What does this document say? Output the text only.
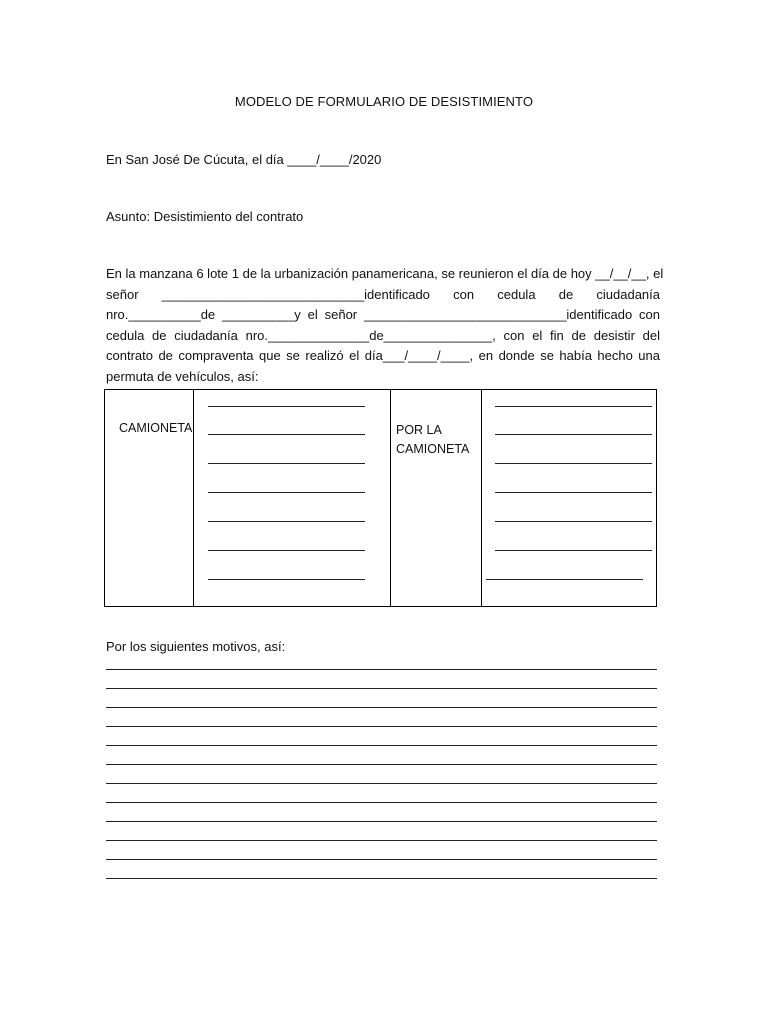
MODELO DE FORMULARIO DE DESISTIMIENTO
En San José De Cúcuta, el día ____/____/2020
Asunto: Desistimiento del contrato
En la manzana 6 lote 1 de la urbanización panamericana, se reunieron el día de hoy __/__/__, el
señor ____________________________identificado con cedula de ciudadanía
nro.__________de __________y el señor ____________________________identificado con
cedula de ciudadanía nro.______________de_______________, con el fin de desistir del
contrato de compraventa que se realizó el día___/____/____, en donde se había hecho una
permuta de vehículos, así:
CAMIONETA		POR LA
CAMIONETA

Por los siguientes motivos, así:
